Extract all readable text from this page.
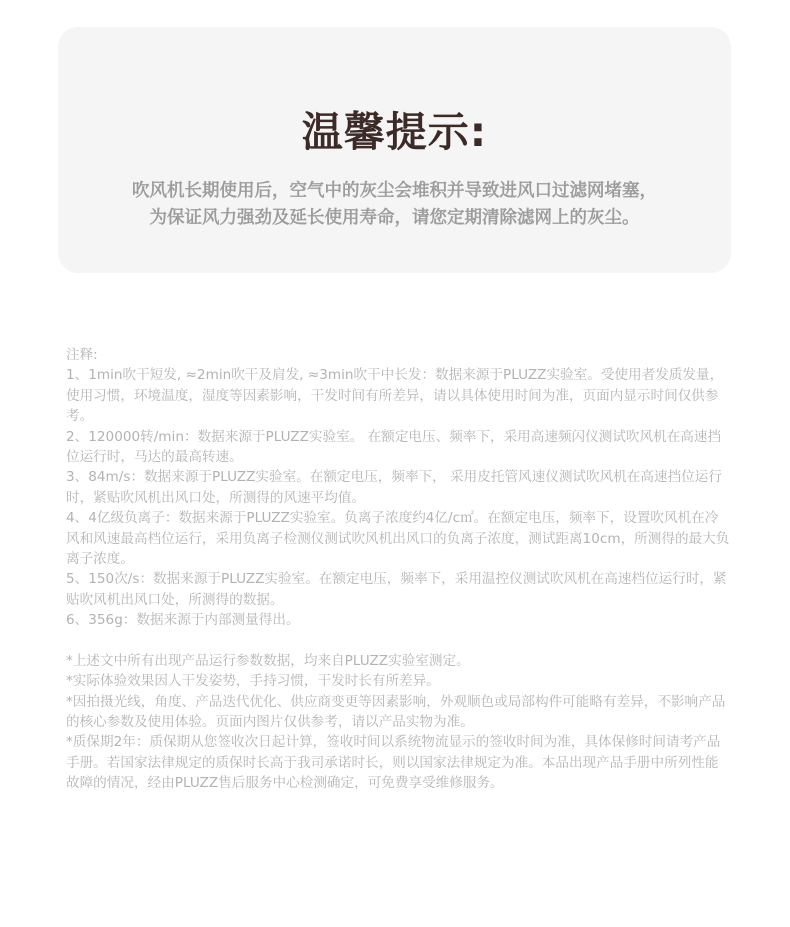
温馨提示:
吹风机长期使用后，空气中的灰尘会堆积并导致进风口过滤网堵塞，
为保证风力强劲及延长使用寿命，请您定期清除滤网上的灰尘。
注释:

1、1min吹干短发, ≈2min吹干及肩发, ≈3min吹干中长发：数据来源于PLUZZ实验室。受使用者发质发量，使用习惯，环境温度，湿度等因素影响，干发时间有所差异，请以具体使用时间为准，页面内显示时间仅供参考。

2、120000转/min：数据来源于PLUZZ实验室。 在额定电压、频率下，采用高速频闪仪测试吹风机在高速挡位运行时，马达的最高转速。

3、84m/s：数据来源于PLUZZ实验室。在额定电压，频率下， 采用皮托管风速仪测试吹风机在高速挡位运行时，紧贴吹风机出风口处，所测得的风速平均值。

4、4亿级负离子：数据来源于PLUZZ实验室。负离子浓度约4亿/c㎡。在额定电压，频率下，设置吹风机在冷风和风速最高档位运行，采用负离子检测仪测试吹风机出风口的负离子浓度，测试距离10cm，所测得的最大负离子浓度。

5、150次/s：数据来源于PLUZZ实验室。在额定电压，频率下，采用温控仪测试吹风机在高速档位运行时，紧贴吹风机出风口处，所测得的数据。

6、356g：数据来源于内部测量得出。

*上述文中所有出现产品运行参数数据，均来自PLUZZ实验室测定。

*实际体验效果因人干发姿势，手持习惯，干发时长有所差异。

*因拍摄光线，角度、产品迭代优化、供应商变更等因素影响，外观顺色或局部构件可能略有差异，不影响产品的核心参数及使用体验。页面内图片仅供参考，请以产品实物为准。

*质保期2年：质保期从您签收次日起计算，签收时间以系统物流显示的签收时间为准，具体保修时间请考产品手册。若国家法律规定的质保时长高于我司承诺时长，则以国家法律规定为准。本品出现产品手册中所列性能故障的情况，经由PLUZZ售后服务中心检测确定，可免费享受维修服务。
